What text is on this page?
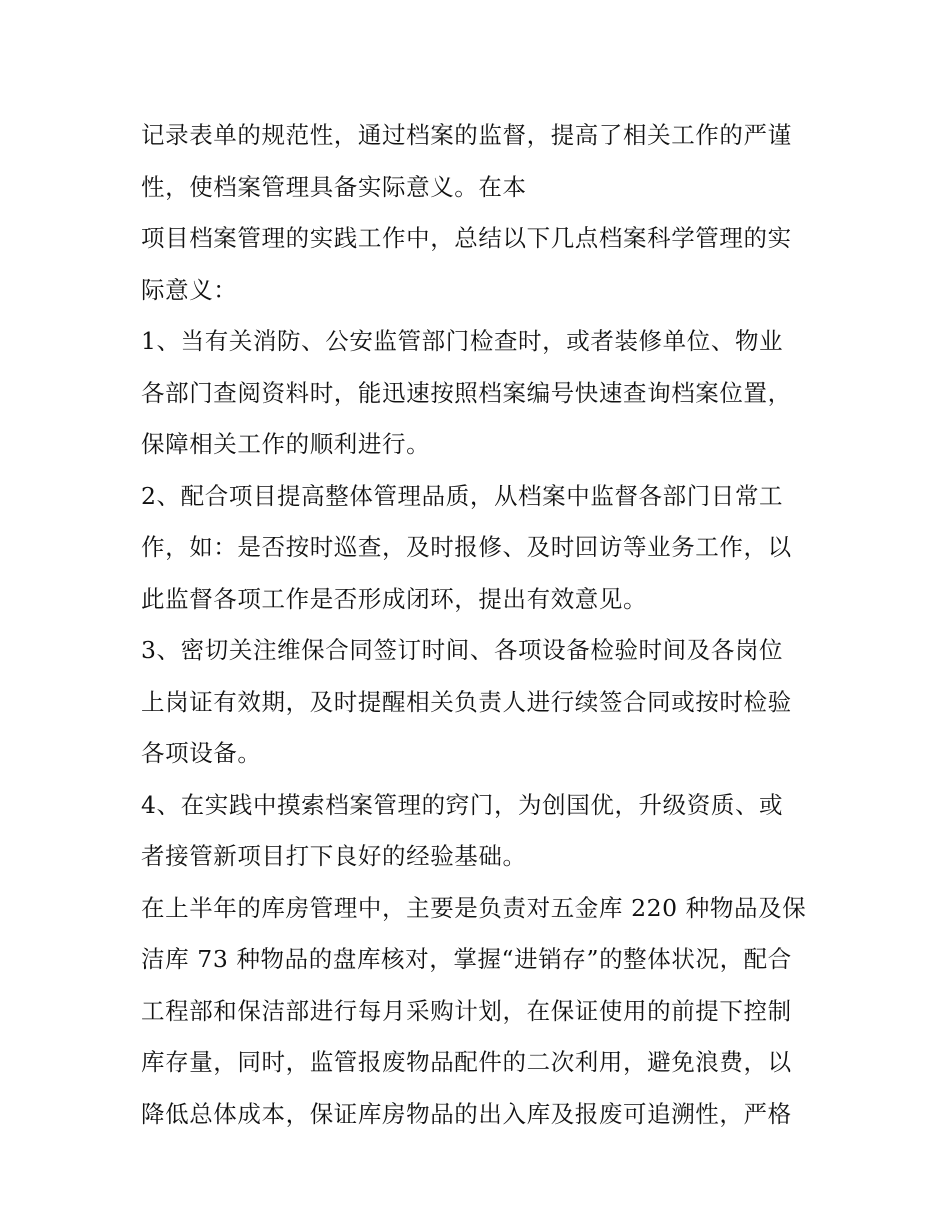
记录表单的规范性，通过档案的监督，提高了相关工作的严谨
性，使档案管理具备实际意义。在本
项目档案管理的实践工作中，总结以下几点档案科学管理的实
际意义：
1、当有关消防、公安监管部门检查时，或者装修单位、物业
各部门查阅资料时，能迅速按照档案编号快速查询档案位置，
保障相关工作的顺利进行。
2、配合项目提高整体管理品质，从档案中监督各部门日常工
作，如：是否按时巡查，及时报修、及时回访等业务工作，以
此监督各项工作是否形成闭环，提出有效意见。
3、密切关注维保合同签订时间、各项设备检验时间及各岗位
上岗证有效期，及时提醒相关负责人进行续签合同或按时检验
各项设备。
4、在实践中摸索档案管理的窍门，为创国优，升级资质、或
者接管新项目打下良好的经验基础。
在上半年的库房管理中，主要是负责对五金库 220 种物品及保
洁库 73 种物品的盘库核对，掌握“进销存”的整体状况，配合
工程部和保洁部进行每月采购计划，在保证使用的前提下控制
库存量，同时，监管报废物品配件的二次利用，避免浪费，以
降低总体成本，保证库房物品的出入库及报废可追溯性，严格
